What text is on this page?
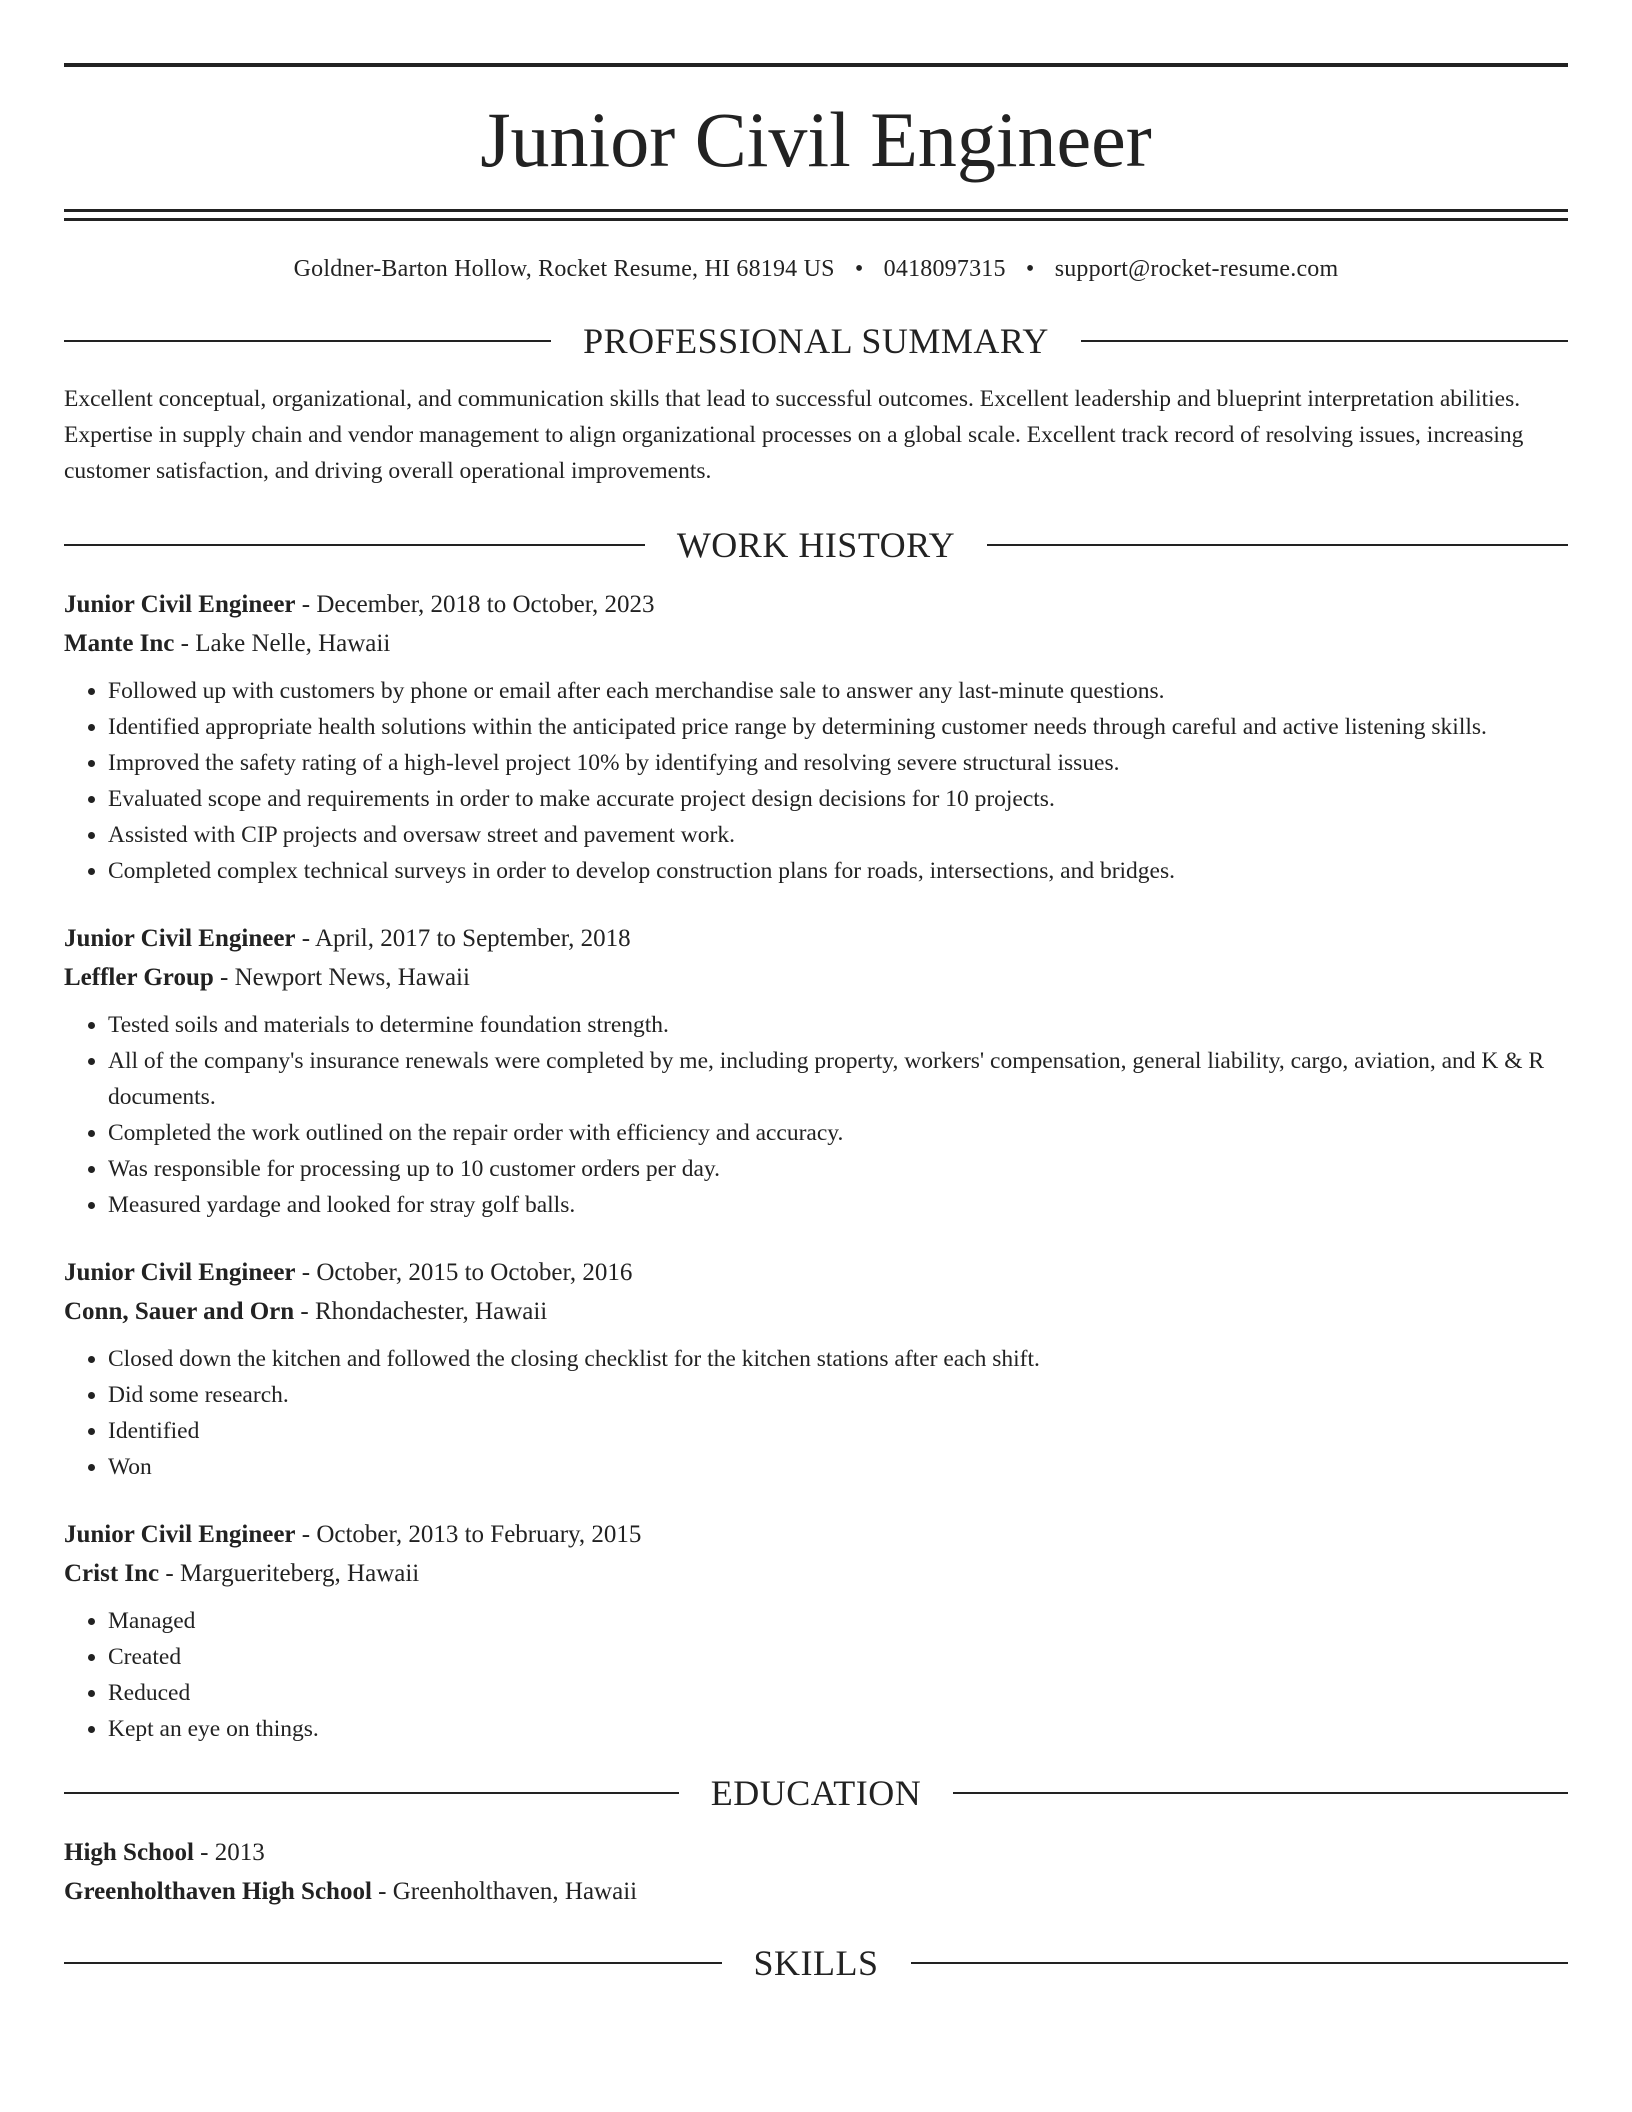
Junior Civil Engineer
Goldner-Barton Hollow, Rocket Resume, HI 68194 US • 0418097315 • support@rocket-resume.com
PROFESSIONAL SUMMARY

Excellent conceptual, organizational, and communication skills that lead to successful outcomes. Excellent leadership and blueprint interpretation abilities. Expertise in supply chain and vendor management to align organizational processes on a global scale. Excellent track record of resolving issues, increasing customer satisfaction, and driving overall operational improvements.

WORK HISTORY
Junior Civil Engineer - December, 2018 to October, 2023
Mante Inc - Lake Nelle, Hawaii
• Followed up with customers by phone or email after each merchandise sale to answer any last-minute questions.
• Identified appropriate health solutions within the anticipated price range by determining customer needs through careful and active listening skills.
• Improved the safety rating of a high-level project 10% by identifying and resolving severe structural issues.
• Evaluated scope and requirements in order to make accurate project design decisions for 10 projects.
• Assisted with CIP projects and oversaw street and pavement work.
• Completed complex technical surveys in order to develop construction plans for roads, intersections, and bridges.
Junior Civil Engineer - April, 2017 to September, 2018
Leffler Group - Newport News, Hawaii
• Tested soils and materials to determine foundation strength.
• All of the company's insurance renewals were completed by me, including property, workers' compensation, general liability, cargo, aviation, and K & R documents.
• Completed the work outlined on the repair order with efficiency and accuracy.
• Was responsible for processing up to 10 customer orders per day.
• Measured yardage and looked for stray golf balls.
Junior Civil Engineer - October, 2015 to October, 2016
Conn, Sauer and Orn - Rhondachester, Hawaii
• Closed down the kitchen and followed the closing checklist for the kitchen stations after each shift.
• Did some research.
• Identified
• Won
Junior Civil Engineer - October, 2013 to February, 2015
Crist Inc - Margueriteberg, Hawaii
• Managed
• Created
• Reduced
• Kept an eye on things.
EDUCATION
High School - 2013
Greenholthaven High School - Greenholthaven, Hawaii
SKILLS
